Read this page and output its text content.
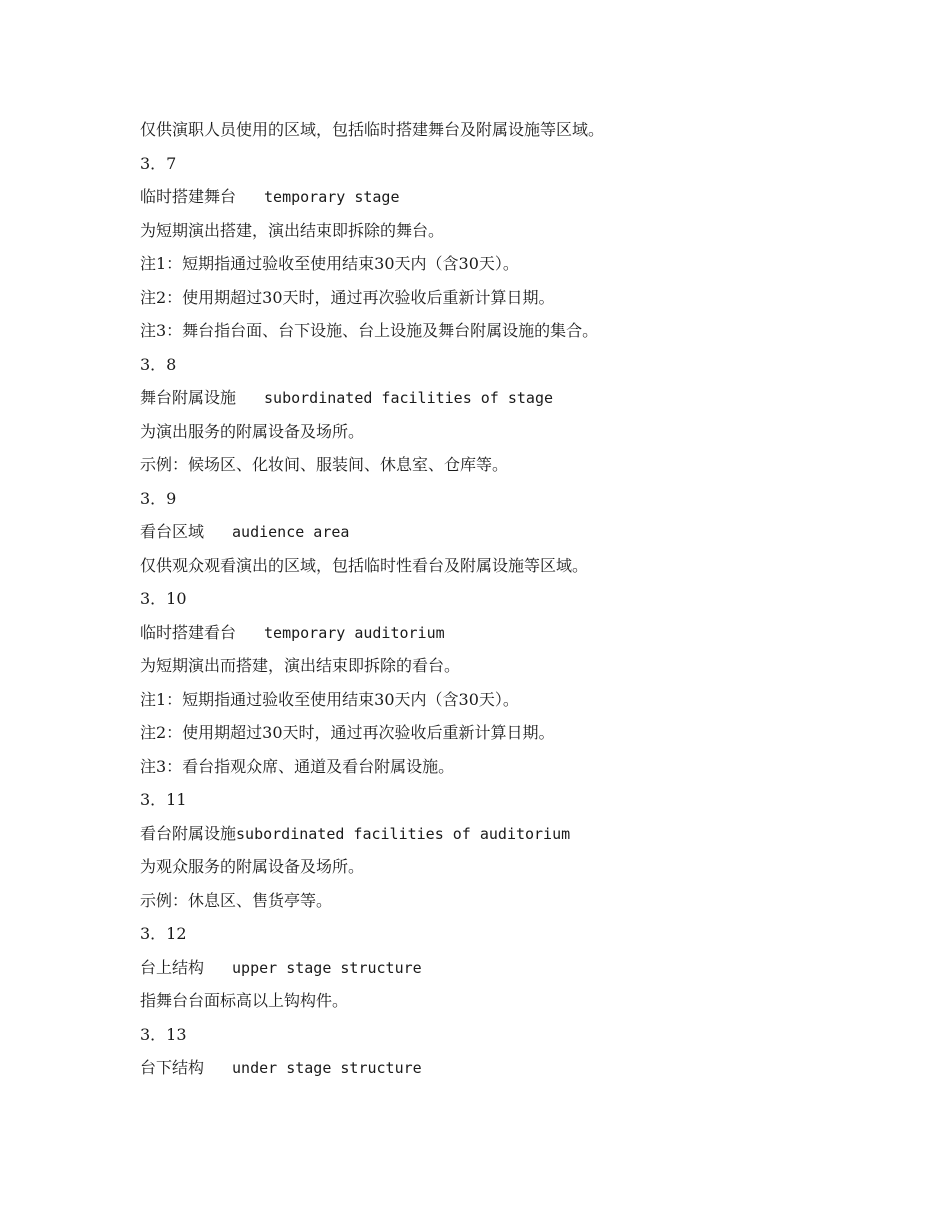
仅供演职人员使用的区域，包括临时搭建舞台及附属设施等区域。
3．7
临时搭建舞台 temporary stage
为短期演出搭建，演出结束即拆除的舞台。
注1：短期指通过验收至使用结束30天内（含30天）。
注2：使用期超过30天时，通过再次验收后重新计算日期。
注3：舞台指台面、台下设施、台上设施及舞台附属设施的集合。
3．8
舞台附属设施 subordinated facilities of stage
为演出服务的附属设备及场所。
示例：候场区、化妆间、服装间、休息室、仓库等。
3．9
看台区域 audience area
仅供观众观看演出的区域，包括临时性看台及附属设施等区域。
3．10
临时搭建看台 temporary auditorium
为短期演出而搭建，演出结束即拆除的看台。
注1：短期指通过验收至使用结束30天内（含30天）。
注2：使用期超过30天时，通过再次验收后重新计算日期。
注3：看台指观众席、通道及看台附属设施。
3．11
看台附属设施subordinated facilities of auditorium
为观众服务的附属设备及场所。
示例：休息区、售货亭等。
3．12
台上结构 upper stage structure
指舞台台面标高以上钩构件。
3．13
台下结构 under stage structure
